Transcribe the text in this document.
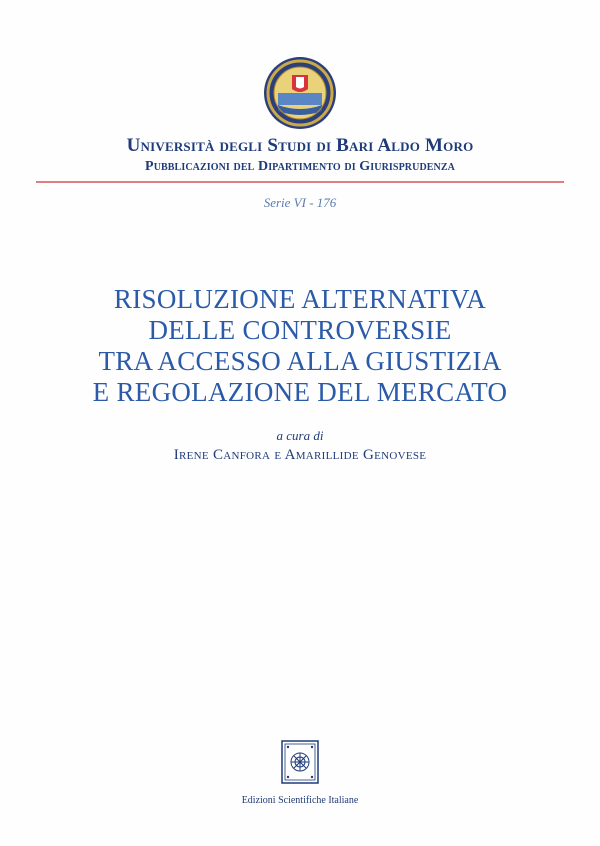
Università degli Studi di Bari Aldo Moro
Pubblicazioni del Dipartimento di Giurisprudenza
Serie VI - 176
RISOLUZIONE ALTERNATIVA
DELLE CONTROVERSIE
TRA ACCESSO ALLA GIUSTIZIA
E REGOLAZIONE DEL MERCATO
a cura di
Irene Canfora e Amarillide Genovese
Edizioni Scientifiche Italiane
